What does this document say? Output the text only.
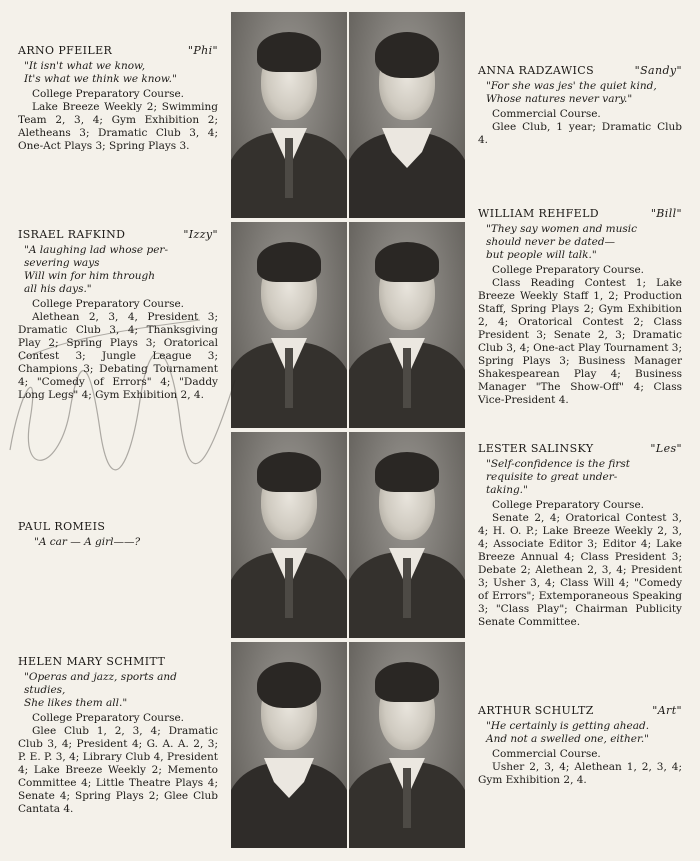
ARNO PFEILER	"Phi"
"It isn't what we know,
It's what we think we know."
College Preparatory Course.
Lake Breeze Weekly 2; Swimming Team 2, 3, 4; Gym Exhibition 2; Aletheans 3; Dramatic Club 3, 4; One-Act Plays 3; Spring Plays 3.
ISRAEL RAFKIND	"Izzy"
"A laughing lad whose per-
severing ways
Will win for him through
all his days."
College Preparatory Course.
Alethean 2, 3, 4, President 3; Dramatic Club 3, 4; Thanksgiving Play 2; Spring Plays 3; Oratorical Contest 3; Jungle League 3; Champions 3; Debating Tournament 4; "Comedy of Errors" 4; "Daddy Long Legs" 4; Gym Exhibition 2, 4.
PAUL ROMEIS
"A car — A girl——?
HELEN MARY SCHMITT
"Operas and jazz, sports and
studies,
She likes them all."
College Preparatory Course.
Glee Club 1, 2, 3, 4; Dramatic Club 3, 4; President 4; G. A. A. 2, 3; P. E. P. 3, 4; Library Club 4, President 4; Lake Breeze Weekly 2; Memento Committee 4; Little Theatre Plays 4; Senate 4; Spring Plays 2; Glee Club Cantata 4.
ANNA RADZAWICS	"Sandy"
"For she was jes' the quiet kind,
Whose natures never vary."
Commercial Course.
Glee Club, 1 year; Dramatic Club 4.
WILLIAM REHFELD	"Bill"
"They say women and music
should never be dated—
but people will talk."
College Preparatory Course.
Class Reading Contest 1; Lake Breeze Weekly Staff 1, 2; Production Staff, Spring Plays 2; Gym Exhibition 2, 4; Oratorical Contest 2; Class President 3; Senate 2, 3; Dramatic Club 3, 4; One-act Play Tournament 3; Spring Plays 3; Business Manager Shakespearean Play 4; Business Manager "The Show-Off" 4; Class Vice-President 4.
LESTER SALINSKY	"Les"
"Self-confidence is the first
requisite to great under-
taking."
College Preparatory Course.
Senate 2, 4; Oratorical Contest 3, 4; H. O. P.; Lake Breeze Weekly 2, 3, 4; Associate Editor 3; Editor 4; Lake Breeze Annual 4; Class President 3; Debate 2; Alethean 2, 3, 4; President 3; Usher 3, 4; Class Will 4; "Comedy of Errors"; Extemporaneous Speaking 3; "Class Play"; Chairman Publicity Senate Committee.
ARTHUR SCHULTZ	"Art"
"He certainly is getting ahead.
And not a swelled one, either."
Commercial Course.
Usher 2, 3, 4; Alethean 1, 2, 3, 4; Gym Exhibition 2, 4.
